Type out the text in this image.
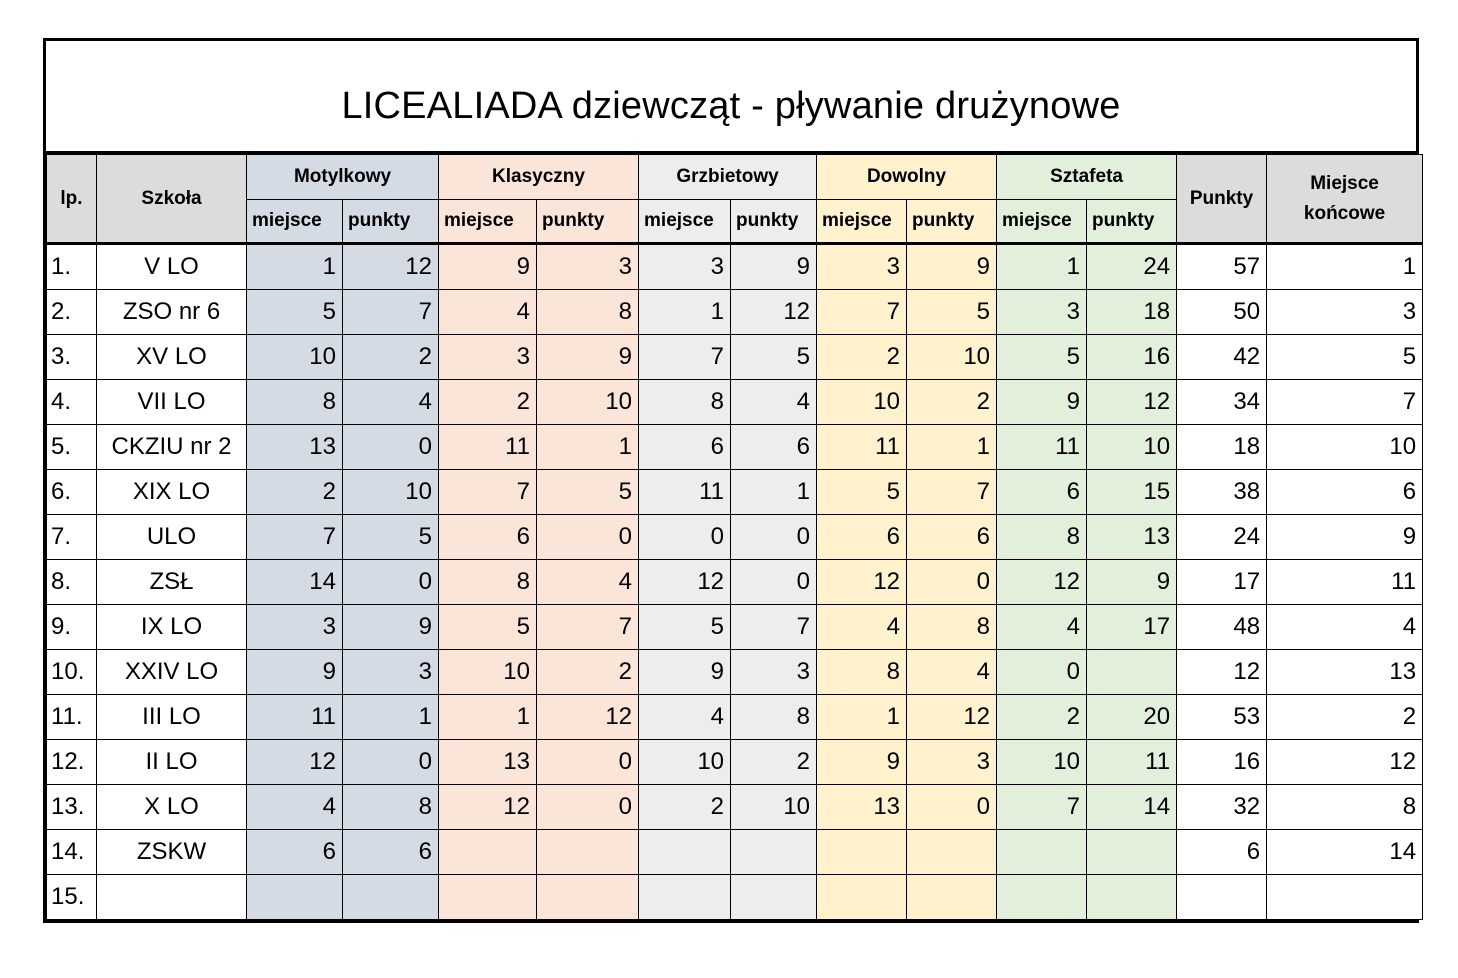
LICEALIADA dziewcząt - pływanie drużynowe
lp.	Szkoła	Motylkowy		Klasyczny		Grzbietowy		Dowolny		Sztafeta		Punkty	Miejsce końcowe
		miejsce	punkty	miejsce	punkty	miejsce	punkty	miejsce	punkty	miejsce	punkty		
1.	V LO	1	12	9	3	3	9	3	9	1	24	57	1
2.	ZSO nr 6	5	7	4	8	1	12	7	5	3	18	50	3
3.	XV LO	10	2	3	9	7	5	2	10	5	16	42	5
4.	VII LO	8	4	2	10	8	4	10	2	9	12	34	7
5.	CKZIU nr 2	13	0	11	1	6	6	11	1	11	10	18	10
6.	XIX LO	2	10	7	5	11	1	5	7	6	15	38	6
7.	ULO	7	5	6	0	0	0	6	6	8	13	24	9
8.	ZSŁ	14	0	8	4	12	0	12	0	12	9	17	11
9.	IX LO	3	9	5	7	5	7	4	8	4	17	48	4
10.	XXIV LO	9	3	10	2	9	3	8	4	0		12	13
11.	III LO	11	1	1	12	4	8	1	12	2	20	53	2
12.	II LO	12	0	13	0	10	2	9	3	10	11	16	12
13.	X LO	4	8	12	0	2	10	13	0	7	14	32	8
14.	ZSKW	6	6									6	14
15.													
